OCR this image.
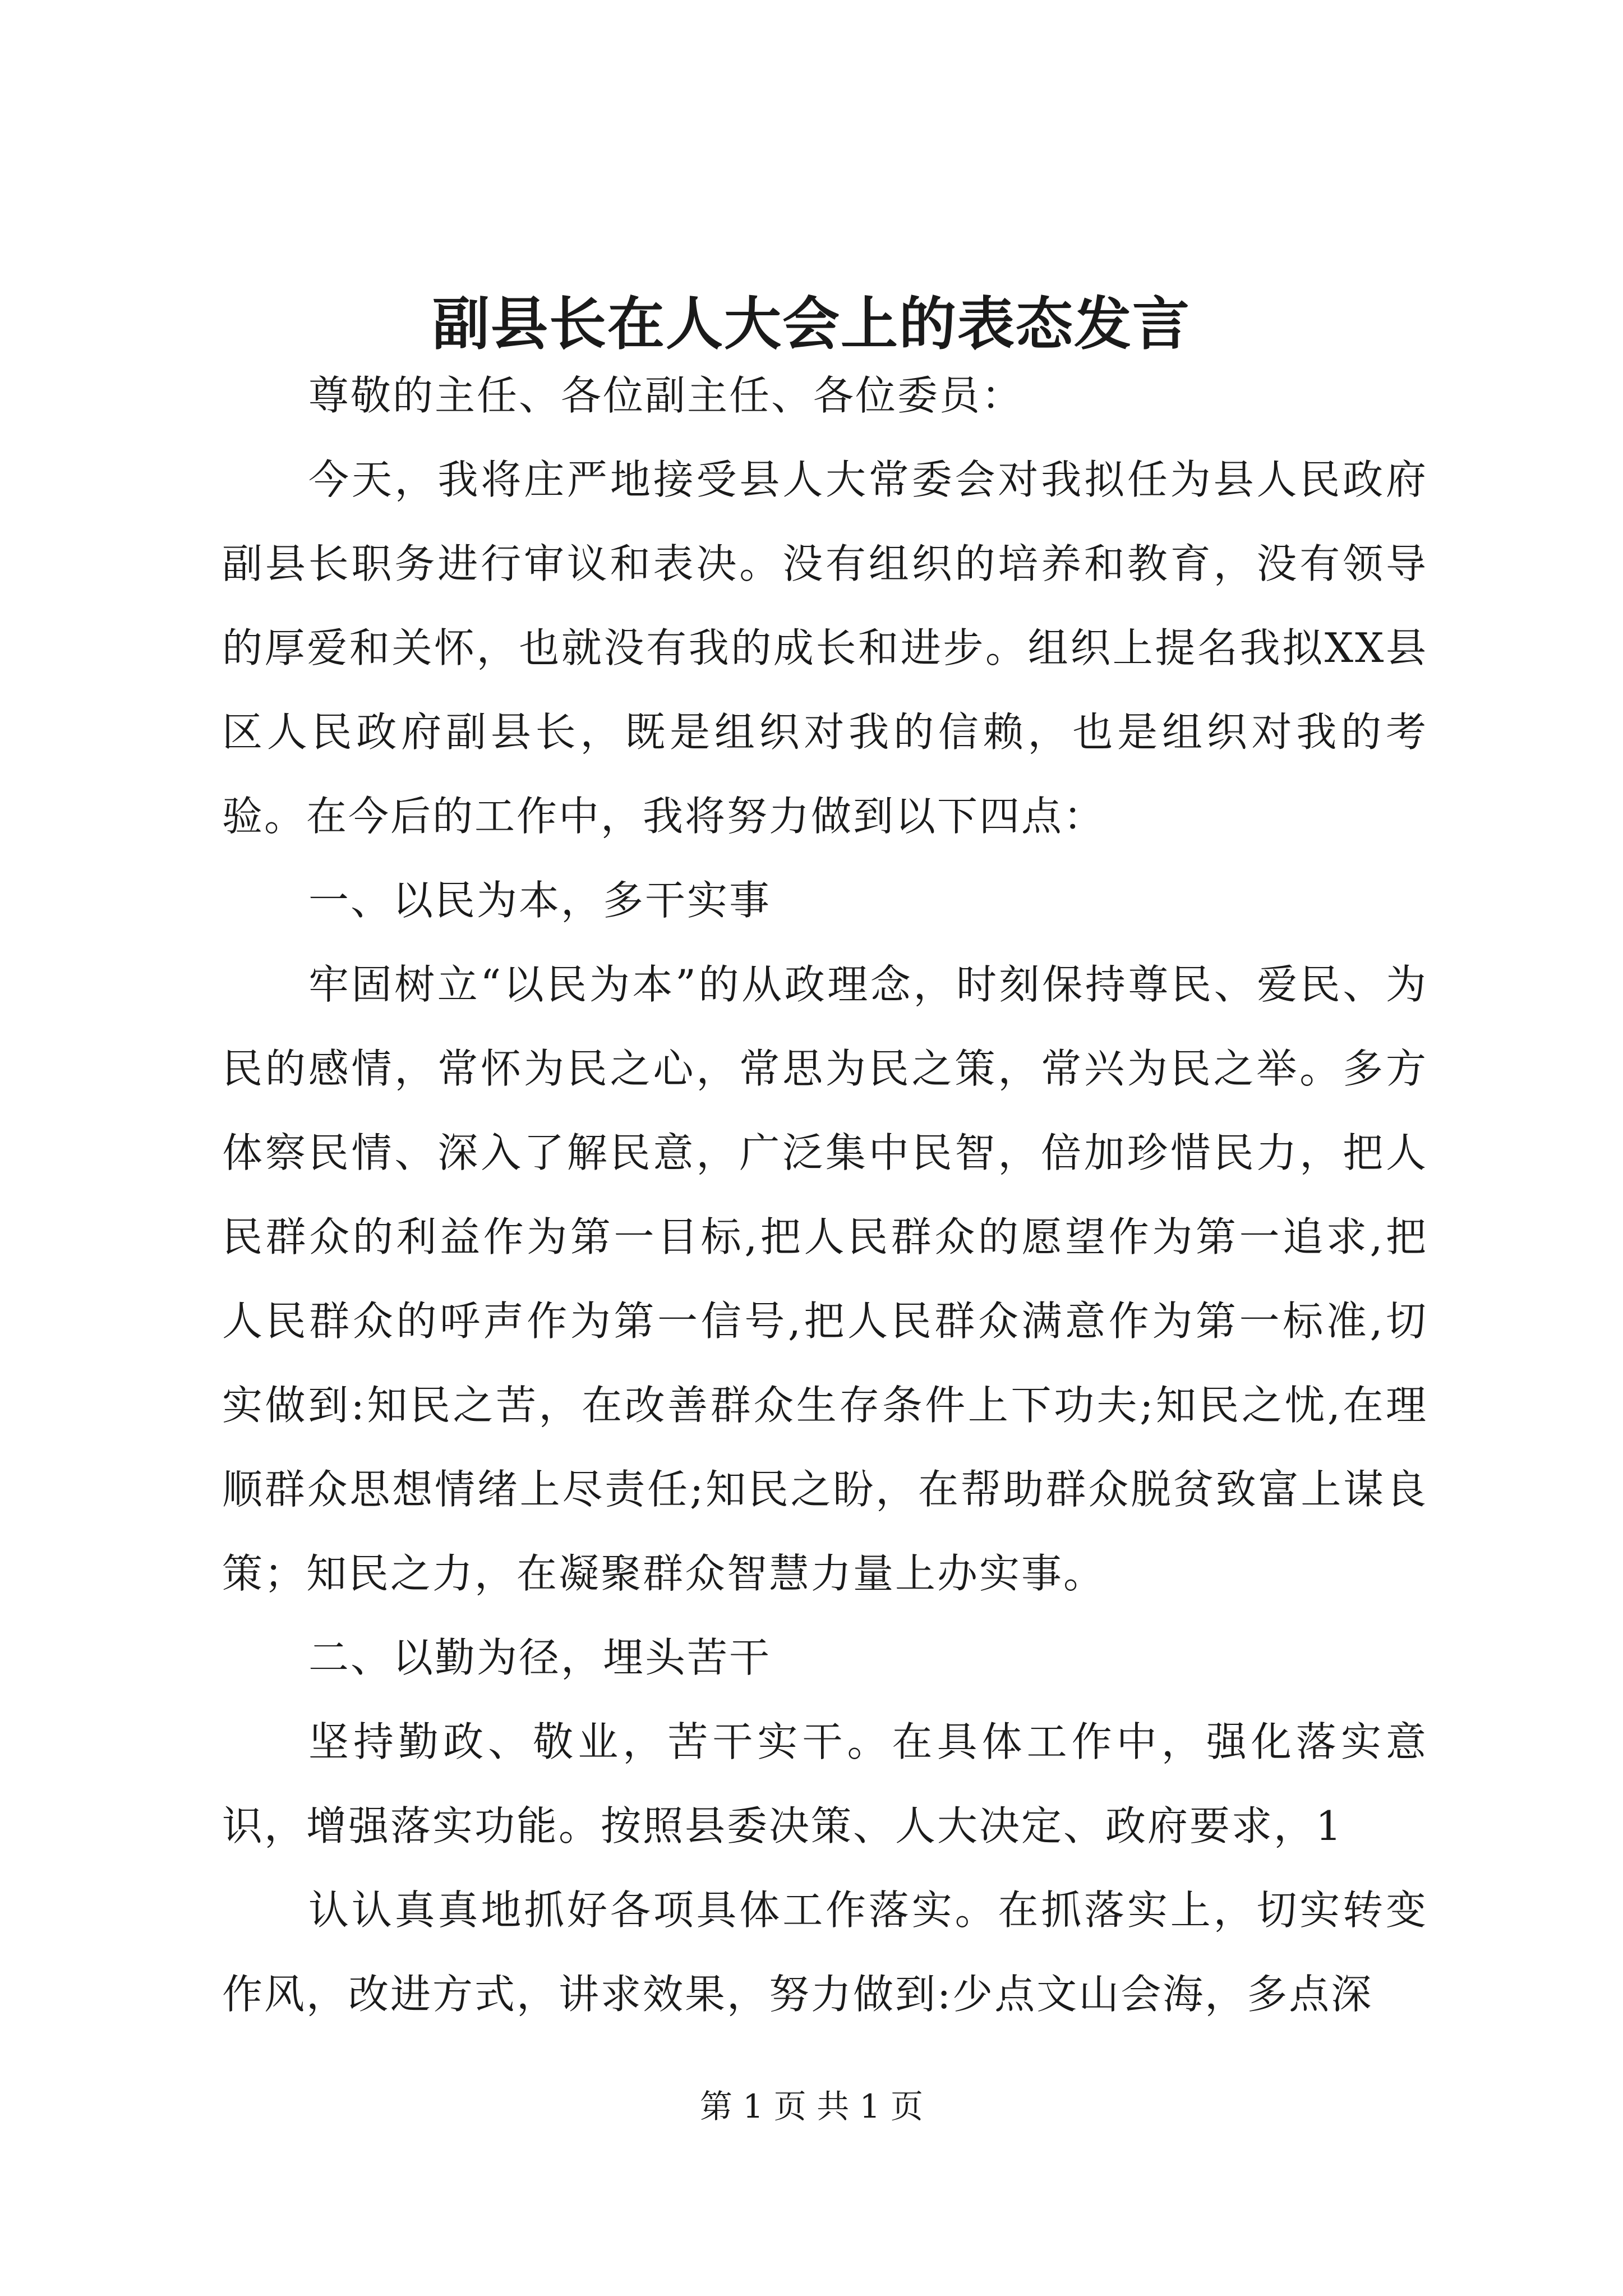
副县长在人大会上的表态发言

尊敬的主任、各位副主任、各位委员：

今天，我将庄严地接受县人大常委会对我拟任为县人民政府副县长职务进行审议和表决。没有组织的培养和教育，没有领导的厚爱和关怀，也就没有我的成长和进步。组织上提名我拟XX县区人民政府副县长，既是组织对我的信赖，也是组织对我的考验。在今后的工作中，我将努力做到以下四点：

一、以民为本，多干实事

牢固树立“以民为本”的从政理念，时刻保持尊民、爱民、为民的感情，常怀为民之心，常思为民之策，常兴为民之举。多方体察民情、深入了解民意，广泛集中民智，倍加珍惜民力，把人民群众的利益作为第一目标,把人民群众的愿望作为第一追求,把人民群众的呼声作为第一信号,把人民群众满意作为第一标准,切实做到:知民之苦，在改善群众生存条件上下功夫;知民之忧,在理顺群众思想情绪上尽责任;知民之盼，在帮助群众脱贫致富上谋良策；知民之力，在凝聚群众智慧力量上办实事。

二、以勤为径，埋头苦干

坚持勤政、敬业，苦干实干。在具体工作中，强化落实意识，增强落实功能。按照县委决策、人大决定、政府要求，1

认认真真地抓好各项具体工作落实。在抓落实上，切实转变作风，改进方式，讲求效果，努力做到:少点文山会海，多点深

第 1 页 共 1 页
